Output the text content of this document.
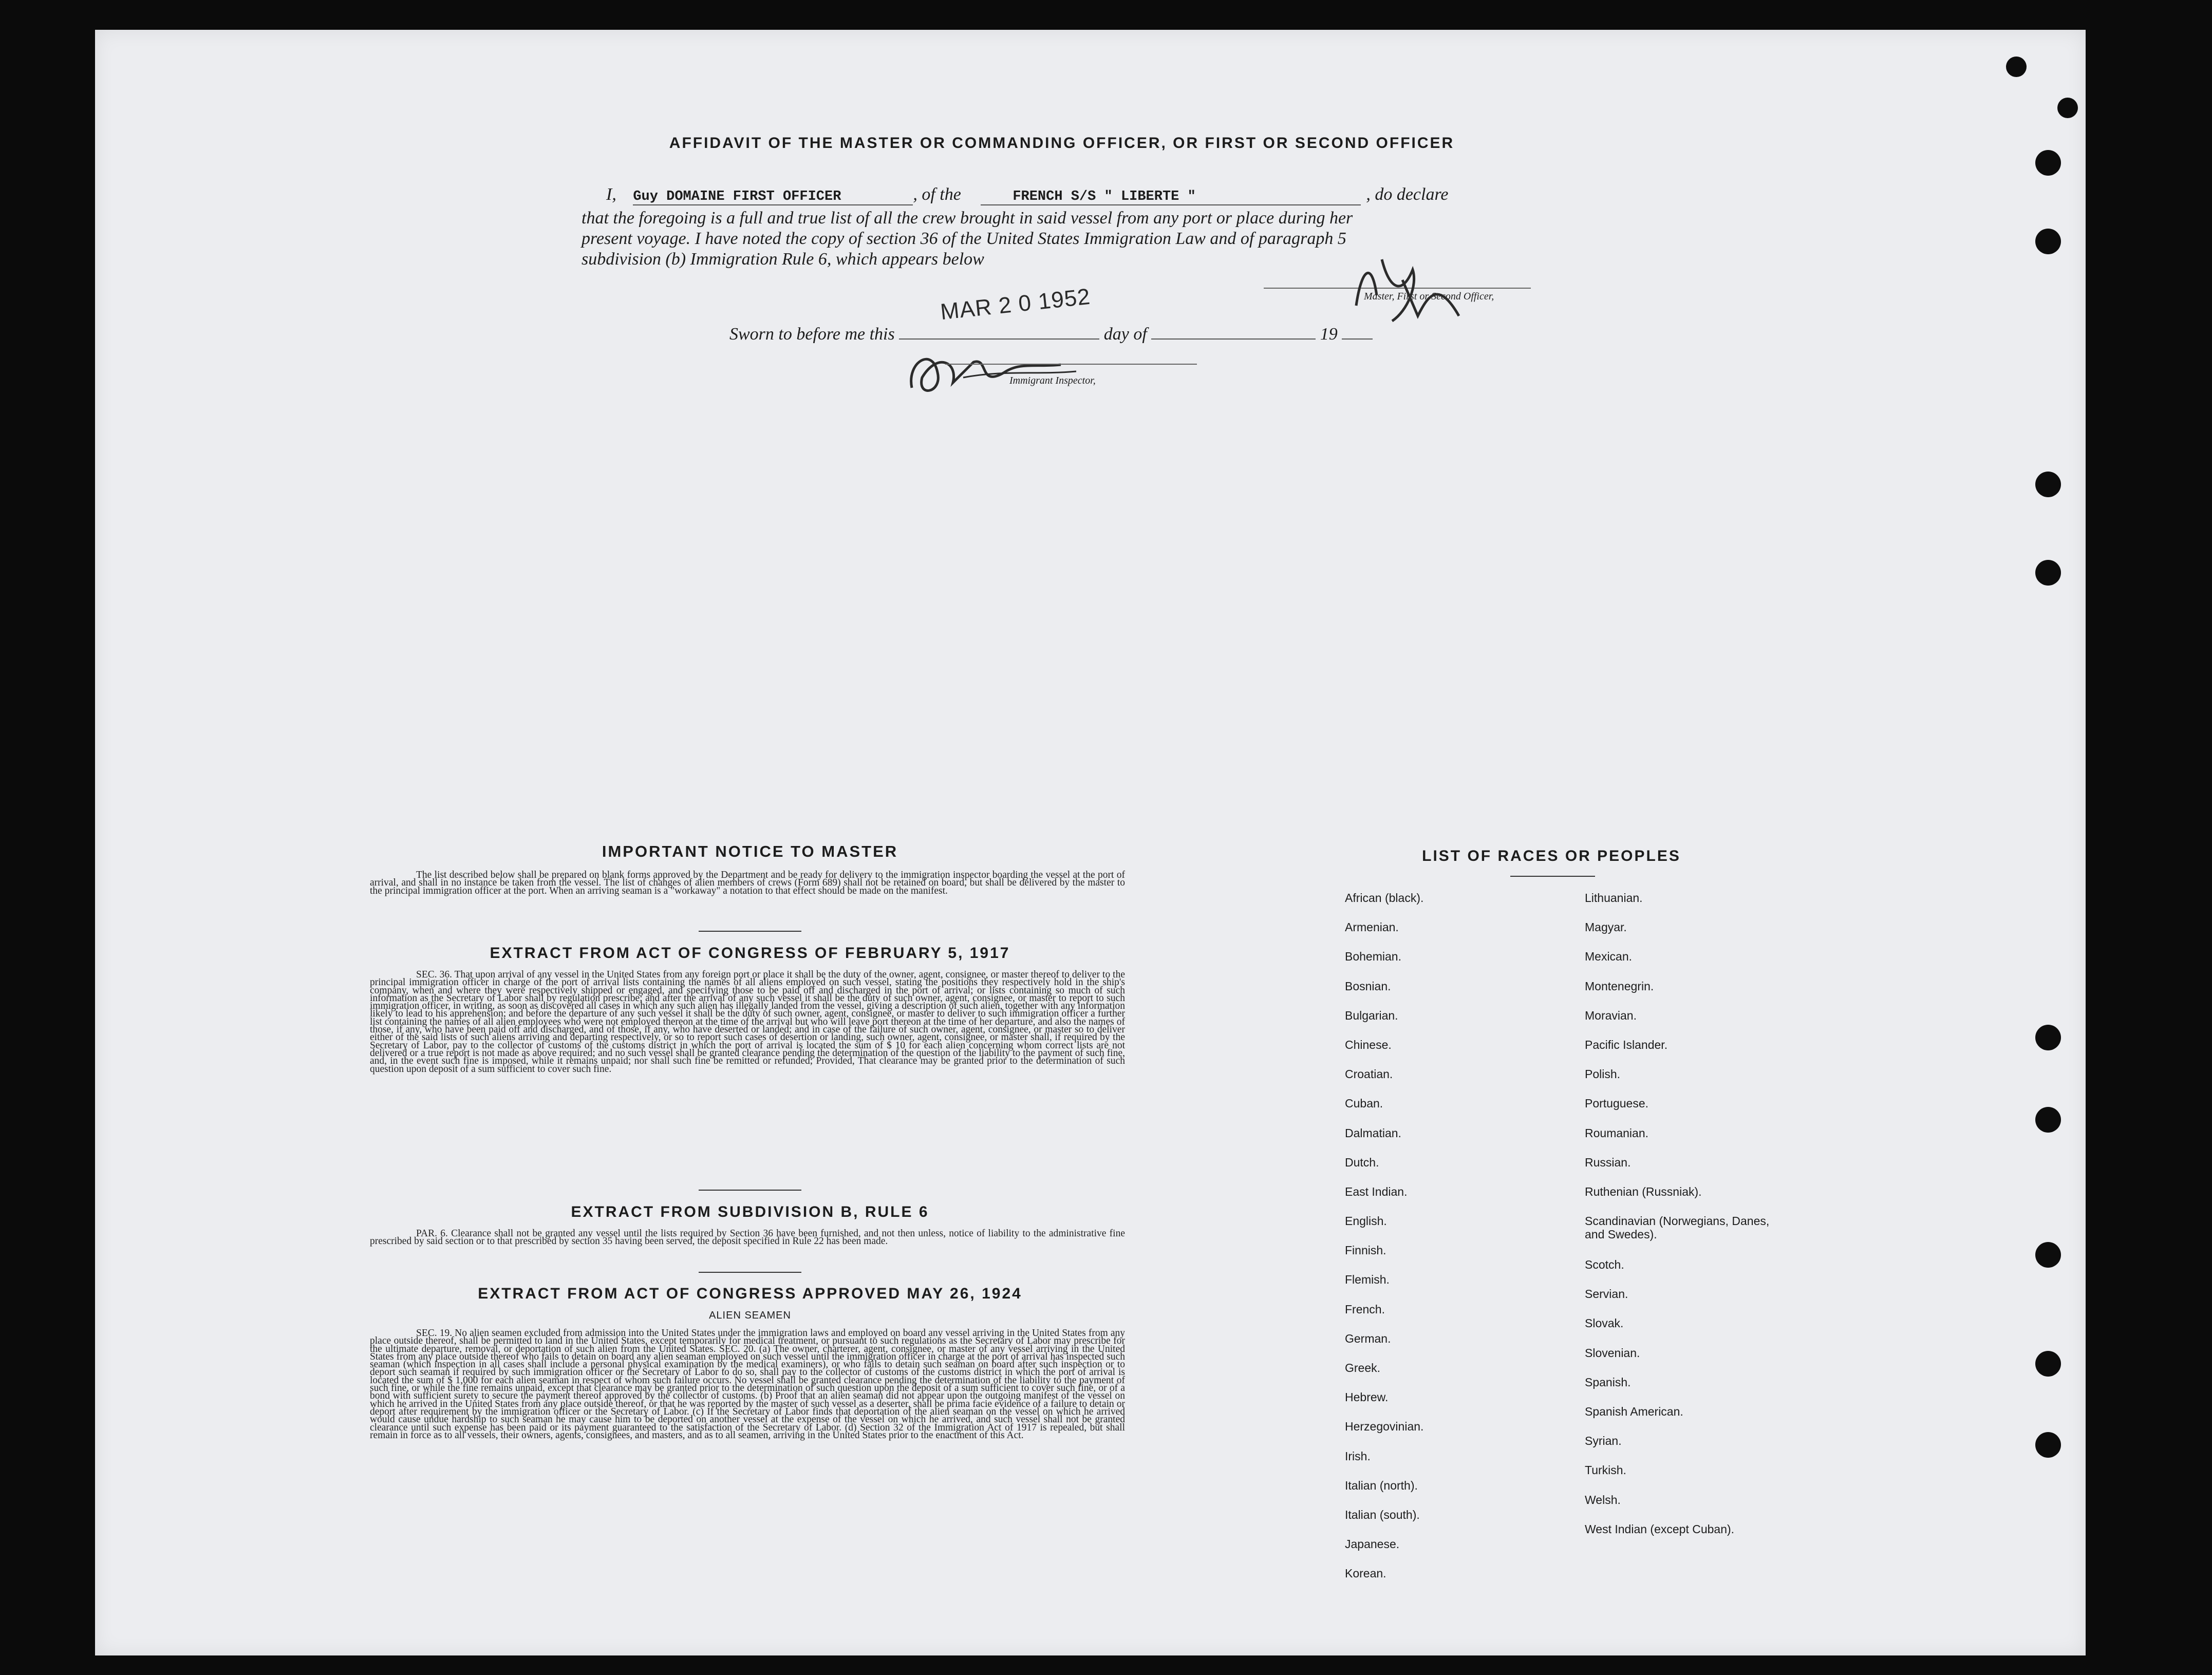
AFFIDAVIT OF THE MASTER OR COMMANDING OFFICER, OR FIRST OR SECOND OFFICER
I, Guy DOMAINE FIRST OFFICER	, of the	FRENCH S/S " LIBERTE "	, do declare
that the foregoing is a full and true list of all the crew brought in said vessel from any port or place during her
present voyage. I have noted the copy of section 36 of the United States Immigration Law and of paragraph 5
subdivision (b) Immigration Rule 6, which appears below
Master, First or Second Officer,
Sworn to before me this	day of	19
MAR 2 0 1952
Immigrant Inspector,
IMPORTANT NOTICE TO MASTER
The list described below shall be prepared on blank forms approved by the Department and be ready for delivery to the immigration inspector boarding the vessel at the port of arrival, and shall in no instance be taken from the vessel. The list of changes of alien members of crews (Form 689) shall not be retained on board, but shall be delivered by the master to the principal immigration officer at the port. When an arriving seaman is a "workaway" a notation to that effect should be made on the manifest.
EXTRACT FROM ACT OF CONGRESS OF FEBRUARY 5, 1917
SEC. 36. That upon arrival of any vessel in the United States from any foreign port or place it shall be the duty of the owner, agent, consignee, or master thereof to deliver to the principal immigration officer in charge of the port of arrival lists containing the names of all aliens employed on such vessel, stating the positions they respectively hold in the ship's company, when and where they were respectively shipped or engaged, and specifying those to be paid off and discharged in the port of arrival; or lists containing so much of such information as the Secretary of Labor shall by regulation prescribe; and after the arrival of any such vessel it shall be the duty of such owner, agent, consignee, or master to report to such immigration officer, in writing, as soon as discovered all cases in which any such alien has illegally landed from the vessel, giving a description of such alien, together with any information likely to lead to his apprehension; and before the departure of any such vessel it shall be the duty of such owner, agent, consignee, or master to deliver to such immigration officer a further list containing the names of all alien employees who were not employed thereon at the time of the arrival but who will leave port thereon at the time of her departure, and also the names of those, if any, who have been paid off and discharged, and of those, if any, who have deserted or landed; and in case of the failure of such owner, agent, consignee, or master so to deliver either of the said lists of such aliens arriving and departing respectively, or so to report such cases of desertion or landing, such owner, agent, consignee, or master shall, if required by the Secretary of Labor, pay to the collector of customs of the customs district in which the port of arrival is located the sum of $ 10 for each alien concerning whom correct lists are not delivered or a true report is not made as above required; and no such vessel shall be granted clearance pending the determination of the question of the liability to the payment of such fine, and, in the event such fine is imposed, while it remains unpaid; nor shall such fine be remitted or refunded; Provided, That clearance may be granted prior to the determination of such question upon deposit of a sum sufficient to cover such fine.
EXTRACT FROM SUBDIVISION B, RULE 6
PAR. 6. Clearance shall not be granted any vessel until the lists required by Section 36 have been furnished, and not then unless, notice of liability to the administrative fine prescribed by said section or to that prescribed by section 35 having been served, the deposit specified in Rule 22 has been made.
EXTRACT FROM ACT OF CONGRESS APPROVED MAY 26, 1924
ALIEN SEAMEN
SEC. 19. No alien seamen excluded from admission into the United States under the immigration laws and employed on board any vessel arriving in the United States from any place outside thereof, shall be permitted to land in the United States, except temporarily for medical treatment, or pursuant to such regulations as the Secretary of Labor may prescribe for the ultimate departure, removal, or deportation of such alien from the United States. SEC. 20. (a) The owner, charterer, agent, consignee, or master of any vessel arriving in the United States from any place outside thereof who fails to detain on board any alien seaman employed on such vessel until the immigration officer in charge at the port of arrival has inspected such seaman (which inspection in all cases shall include a personal physical examination by the medical examiners), or who fails to detain such seaman on board after such inspection or to deport such seaman if required by such immigration officer or the Secretary of Labor to do so, shall pay to the collector of customs of the customs district in which the port of arrival is located the sum of $ 1,000 for each alien seaman in respect of whom such failure occurs. No vessel shall be granted clearance pending the determination of the liability to the payment of such fine, or while the fine remains unpaid, except that clearance may be granted prior to the determination of such question upon the deposit of a sum sufficient to cover such fine, or of a bond with sufficient surety to secure the payment thereof approved by the collector of customs. (b) Proof that an alien seaman did not appear upon the outgoing manifest of the vessel on which he arrived in the United States from any place outside thereof, or that he was reported by the master of such vessel as a deserter, shall be prima facie evidence of a failure to detain or deport after requirement by the immigration officer or the Secretary of Labor. (c) If the Secretary of Labor finds that deportation of the alien seaman on the vessel on which he arrived would cause undue hardship to such seaman he may cause him to be deported on another vessel at the expense of the vessel on which he arrived, and such vessel shall not be granted clearance until such expense has been paid or its payment guaranteed to the satisfaction of the Secretary of Labor. (d) Section 32 of the Immigration Act of 1917 is repealed, but shall remain in force as to all vessels, their owners, agents, consignees, and masters, and as to all seamen, arriving in the United States prior to the enactment of this Act.
LIST OF RACES OR PEOPLES
African (black).
Armenian.
Bohemian.
Bosnian.
Bulgarian.
Chinese.
Croatian.
Cuban.
Dalmatian.
Dutch.
East Indian.
English.
Finnish.
Flemish.
French.
German.
Greek.
Hebrew.
Herzegovinian.
Irish.
Italian (north).
Italian (south).
Japanese.
Korean.
Lithuanian.
Magyar.
Mexican.
Montenegrin.
Moravian.
Pacific Islander.
Polish.
Portuguese.
Roumanian.
Russian.
Ruthenian (Russniak).
Scandinavian (Norwegians, Danes, and Swedes).
Scotch.
Servian.
Slovak.
Slovenian.
Spanish.
Spanish American.
Syrian.
Turkish.
Welsh.
West Indian (except Cuban).
